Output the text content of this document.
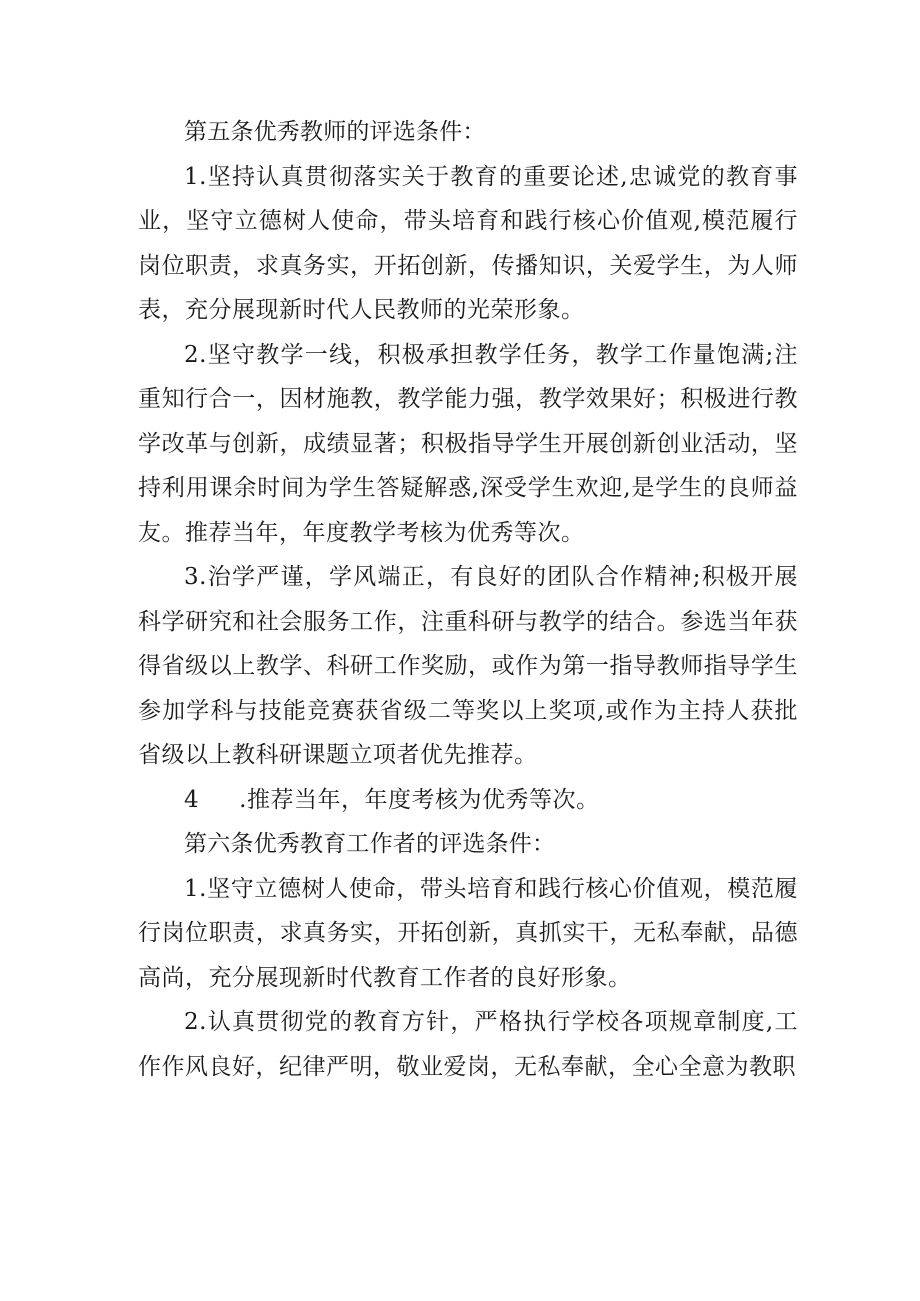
第五条优秀教师的评选条件：

1.坚持认真贯彻落实关于教育的重要论述,忠诚党的教育事业，坚守立德树人使命，带头培育和践行核心价值观,模范履行岗位职责，求真务实，开拓创新，传播知识，关爱学生，为人师表，充分展现新时代人民教师的光荣形象。

2.坚守教学一线，积极承担教学任务，教学工作量饱满;注重知行合一，因材施教，教学能力强，教学效果好；积极进行教学改革与创新，成绩显著；积极指导学生开展创新创业活动，坚持利用课余时间为学生答疑解惑,深受学生欢迎,是学生的良师益友。推荐当年，年度教学考核为优秀等次。

3.治学严谨，学风端正，有良好的团队合作精神;积极开展科学研究和社会服务工作，注重科研与教学的结合。参选当年获得省级以上教学、科研工作奖励，或作为第一指导教师指导学生参加学科与技能竞赛获省级二等奖以上奖项,或作为主持人获批省级以上教科研课题立项者优先推荐。

4 .推荐当年，年度考核为优秀等次。

第六条优秀教育工作者的评选条件：

1.坚守立德树人使命，带头培育和践行核心价值观，模范履行岗位职责，求真务实，开拓创新，真抓实干，无私奉献，品德高尚，充分展现新时代教育工作者的良好形象。

2.认真贯彻党的教育方针，严格执行学校各项规章制度,工作作风良好，纪律严明，敬业爱岗，无私奉献，全心全意为教职
